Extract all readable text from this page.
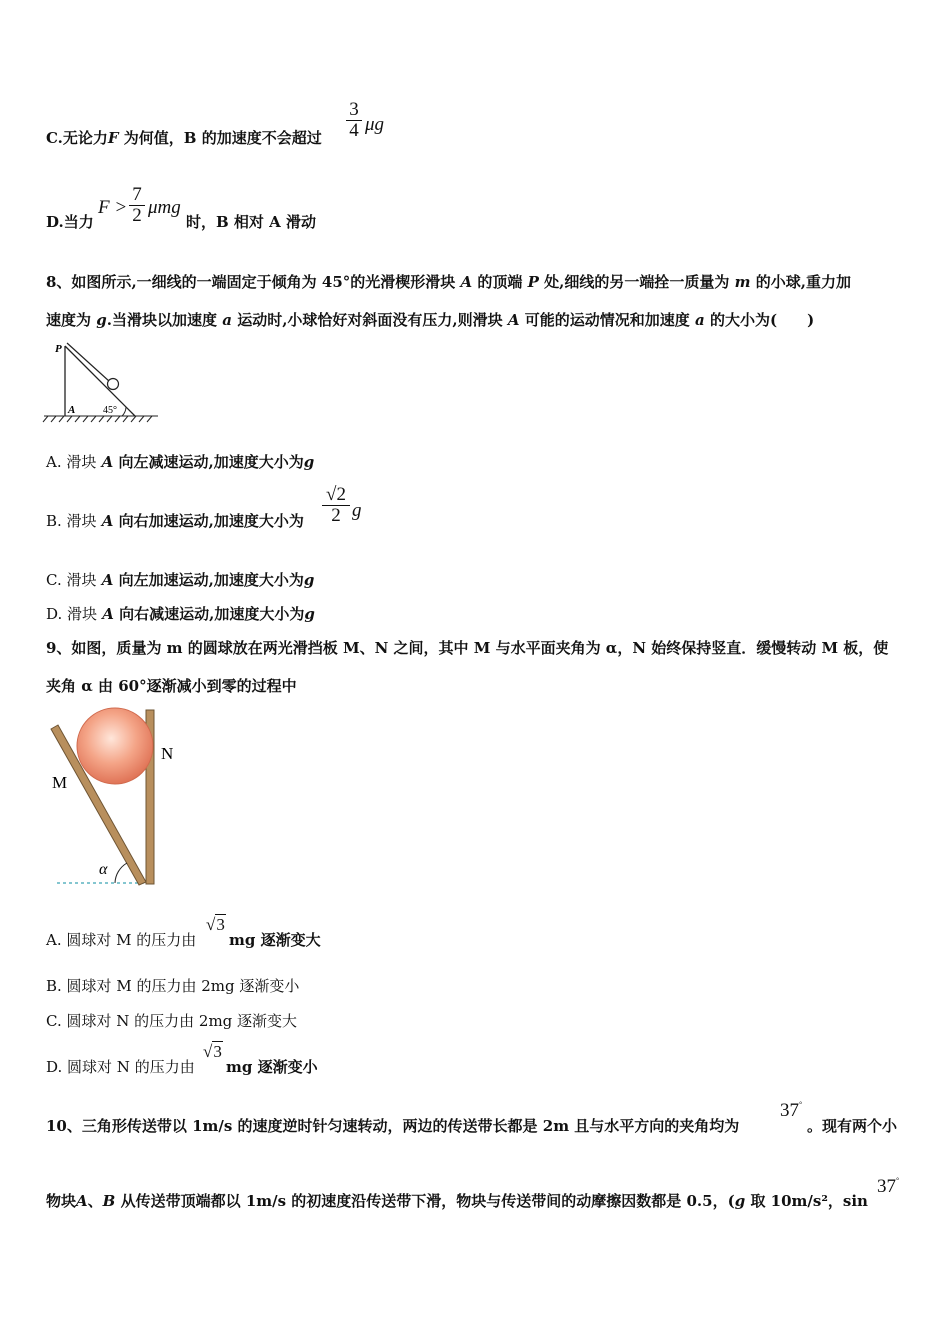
C.无论力F 为何值，B 的加速度不会超过 $\frac{3}{4}$ μg
D.当力
$F > \frac{7}{2}$ μmg
时，B 相对 A 滑动
8、如图所示,一细线的一端固定于倾角为 45°的光滑楔形滑块 A 的顶端 P 处,细线的另一端拴一质量为 m 的小球,重力加
速度为 g.当滑块以加速度 a 运动时,小球恰好对斜面没有压力,则滑块 A 可能的运动情况和加速度 a 的大小为(　　)
P
A	45°
A. 滑块 A 向左减速运动,加速度大小为g
B. 滑块 A 向右加速运动,加速度大小为 $\frac{√2}{2}$ g
C. 滑块 A 向左加速运动,加速度大小为g
D. 滑块 A 向右减速运动,加速度大小为g
9、如图，质量为 m 的圆球放在两光滑挡板 M、N 之间，其中 M 与水平面夹角为 α，N 始终保持竖直．缓慢转动 M 板，使
夹角 α 由 60°逐渐减小到零的过程中
M
N
α
A. 圆球对 M 的压力由
√3
mg 逐渐变大
B. 圆球对 M 的压力由 2mg 逐渐变小
C. 圆球对 N 的压力由 2mg 逐渐变大
D. 圆球对 N 的压力由
√3
mg 逐渐变小
10、三角形传送带以 1m/s 的速度逆时针匀速转动，两边的传送带长都是 2m 且与水平方向的夹角均为
37°
。现有两个小
物块A、B 从传送带顶端都以 1m/s 的初速度沿传送带下滑，物块与传送带间的动摩擦因数都是 0.5，(g 取 10m/s²，sin
37°
